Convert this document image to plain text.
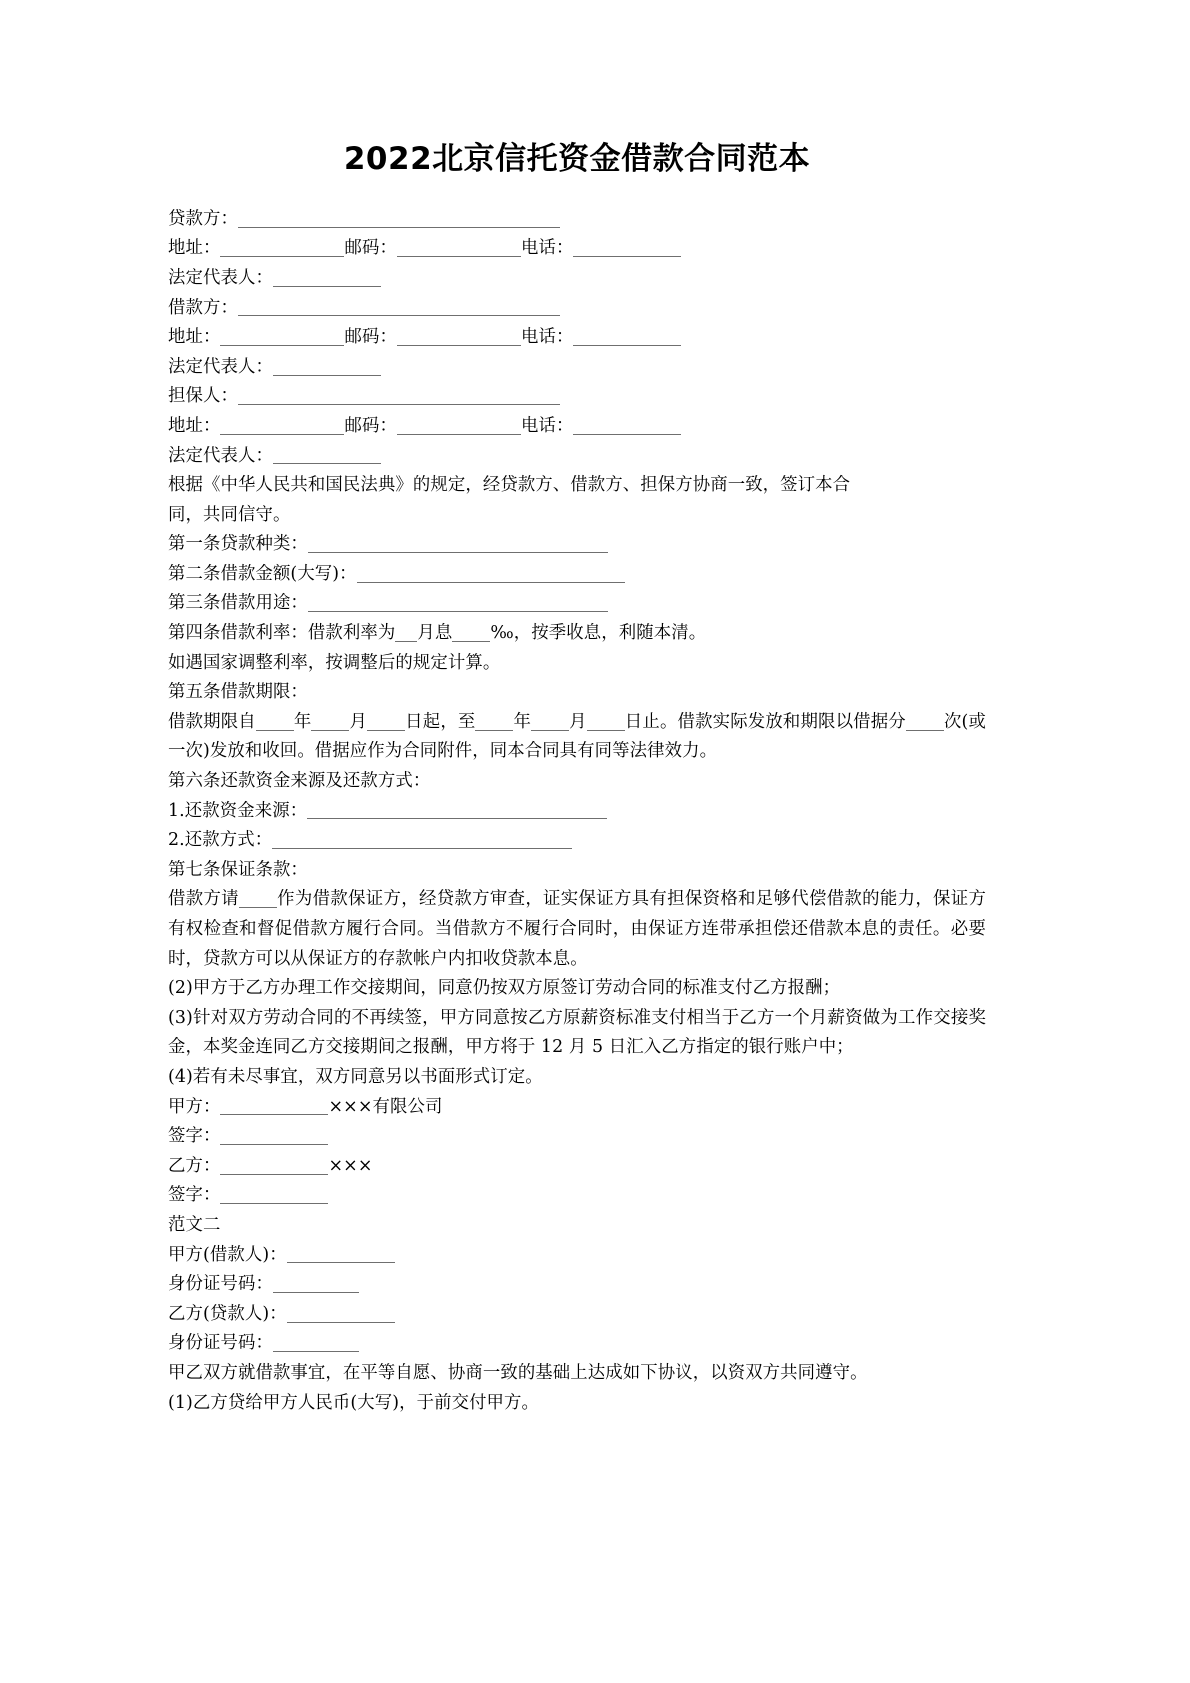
2022北京信托资金借款合同范本

贷款方：

地址：	邮码：	电话：

法定代表人：

借款方：

地址：	邮码：	电话：

法定代表人：

担保人：

地址：	邮码：	电话：

法定代表人：

根据《中华人民共和国民法典》的规定，经贷款方、借款方、担保方协商一致，签订本合

同，共同信守。

第一条贷款种类：

第二条借款金额(大写)：

第三条借款用途：

第四条借款利率：借款利率为 月息 ‰，按季收息，利随本清。

如遇国家调整利率，按调整后的规定计算。

第五条借款期限：

借款期限自 年 月 日起，至 年 月 日止。借款实际发放和期限以借据分 次(或一次)发放和收回。借据应作为合同附件，同本合同具有同等法律效力。

第六条还款资金来源及还款方式：

1.还款资金来源：

2.还款方式：

第七条保证条款：

借款方请 作为借款保证方，经贷款方审查，证实保证方具有担保资格和足够代偿借款的能力，保证方有权检查和督促借款方履行合同。当借款方不履行合同时，由保证方连带承担偿还借款本息的责任。必要时，贷款方可以从保证方的存款帐户内扣收贷款本息。

(2)甲方于乙方办理工作交接期间，同意仍按双方原签订劳动合同的标准支付乙方报酬；

(3)针对双方劳动合同的不再续签，甲方同意按乙方原薪资标准支付相当于乙方一个月薪资做为工作交接奖金，本奖金连同乙方交接期间之报酬，甲方将于 12 月 5 日汇入乙方指定的银行账户中；

(4)若有未尽事宜，双方同意另以书面形式订定。

甲方：	×××有限公司

签字：

乙方：	×××

签字：

范文二

甲方(借款人)：

身份证号码：

乙方(贷款人)：

身份证号码：

甲乙双方就借款事宜，在平等自愿、协商一致的基础上达成如下协议，以资双方共同遵守。

(1)乙方贷给甲方人民币(大写)，于前交付甲方。
